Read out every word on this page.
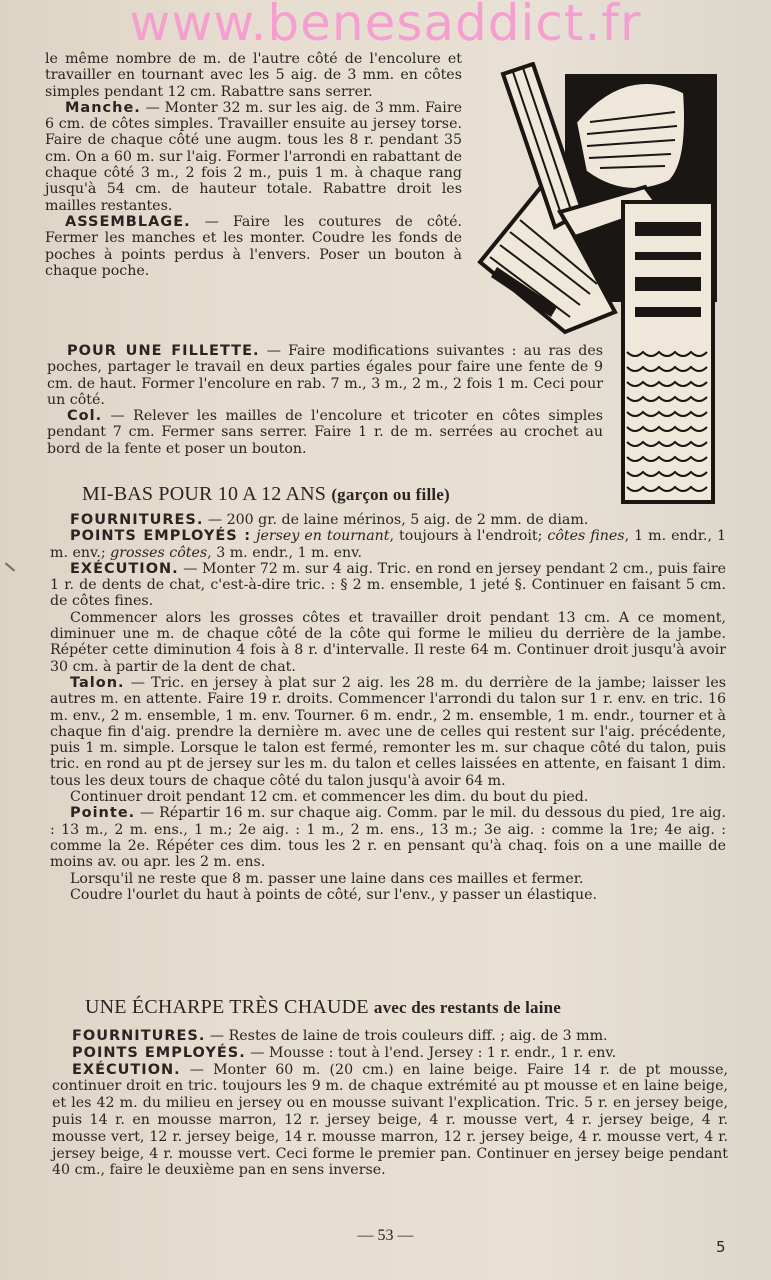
www.benesaddict.fr

le même nombre de m. de l'autre côté de l'encolure et travailler en tournant avec les 5 aig. de 3 mm. en côtes simples pendant 12 cm. Rabattre sans serrer.

Manche. — Monter 32 m. sur les aig. de 3 mm. Faire 6 cm. de côtes simples. Travailler ensuite au jersey torse. Faire de chaque côté une augm. tous les 8 r. pendant 35 cm. On a 60 m. sur l'aig. Former l'arrondi en rabattant de chaque côté 3 m., 2 fois 2 m., puis 1 m. à chaque rang jusqu'à 54 cm. de hauteur totale. Rabattre droit les mailles restantes.

ASSEMBLAGE. — Faire les coutures de côté. Fermer les manches et les monter. Coudre les fonds de poches à points perdus à l'envers. Poser un bouton à chaque poche.

POUR UNE FILLETTE. — Faire modifications suivantes : au ras des poches, partager le travail en deux parties égales pour faire une fente de 9 cm. de haut. Former l'encolure en rab. 7 m., 3 m., 2 m., 2 fois 1 m. Ceci pour un côté.

Col. — Relever les mailles de l'encolure et tricoter en côtes simples pendant 7 cm. Fermer sans serrer. Faire 1 r. de m. serrées au crochet au bord de la fente et poser un bouton.

MI-BAS POUR 10 A 12 ANS (garçon ou fille)

FOURNITURES. — 200 gr. de laine mérinos, 5 aig. de 2 mm. de diam.

POINTS EMPLOYÉS : jersey en tournant, toujours à l'endroit; côtes fines, 1 m. endr., 1 m. env.; grosses côtes, 3 m. endr., 1 m. env.

EXÉCUTION. — Monter 72 m. sur 4 aig. Tric. en rond en jersey pendant 2 cm., puis faire 1 r. de dents de chat, c'est-à-dire tric. : § 2 m. ensemble, 1 jeté §. Continuer en faisant 5 cm. de côtes fines.

Commencer alors les grosses côtes et travailler droit pendant 13 cm. A ce moment, diminuer une m. de chaque côté de la côte qui forme le milieu du derrière de la jambe. Répéter cette diminution 4 fois à 8 r. d'intervalle. Il reste 64 m. Continuer droit jusqu'à avoir 30 cm. à partir de la dent de chat.

Talon. — Tric. en jersey à plat sur 2 aig. les 28 m. du derrière de la jambe; laisser les autres m. en attente. Faire 19 r. droits. Commencer l'arrondi du talon sur 1 r. env. en tric. 16 m. env., 2 m. ensemble, 1 m. env. Tourner. 6 m. endr., 2 m. ensemble, 1 m. endr., tourner et à chaque fin d'aig. prendre la dernière m. avec une de celles qui restent sur l'aig. précédente, puis 1 m. simple. Lorsque le talon est fermé, remonter les m. sur chaque côté du talon, puis tric. en rond au pt de jersey sur les m. du talon et celles laissées en attente, en faisant 1 dim. tous les deux tours de chaque côté du talon jusqu'à avoir 64 m.

Continuer droit pendant 12 cm. et commencer les dim. du bout du pied.

Pointe. — Répartir 16 m. sur chaque aig. Comm. par le mil. du dessous du pied, 1re aig. : 13 m., 2 m. ens., 1 m.; 2e aig. : 1 m., 2 m. ens., 13 m.; 3e aig. : comme la 1re; 4e aig. : comme la 2e. Répéter ces dim. tous les 2 r. en pensant qu'à chaq. fois on a une maille de moins av. ou apr. les 2 m. ens.

Lorsqu'il ne reste que 8 m. passer une laine dans ces mailles et fermer.

Coudre l'ourlet du haut à points de côté, sur l'env., y passer un élastique.

UNE ÉCHARPE TRÈS CHAUDE avec des restants de laine

FOURNITURES. — Restes de laine de trois couleurs diff. ; aig. de 3 mm.

POINTS EMPLOYÉS. — Mousse : tout à l'end. Jersey : 1 r. endr., 1 r. env.

EXÉCUTION. — Monter 60 m. (20 cm.) en laine beige. Faire 14 r. de pt mousse, continuer droit en tric. toujours les 9 m. de chaque extrémité au pt mousse et en laine beige, et les 42 m. du milieu en jersey ou en mousse suivant l'explication. Tric. 5 r. en jersey beige, puis 14 r. en mousse marron, 12 r. jersey beige, 4 r. mousse vert, 4 r. jersey beige, 4 r. mousse vert, 12 r. jersey beige, 14 r. mousse marron, 12 r. jersey beige, 4 r. mousse vert, 4 r. jersey beige, 4 r. mousse vert. Ceci forme le premier pan. Continuer en jersey beige pendant 40 cm., faire le deuxième pan en sens inverse.

— 53 —
5
